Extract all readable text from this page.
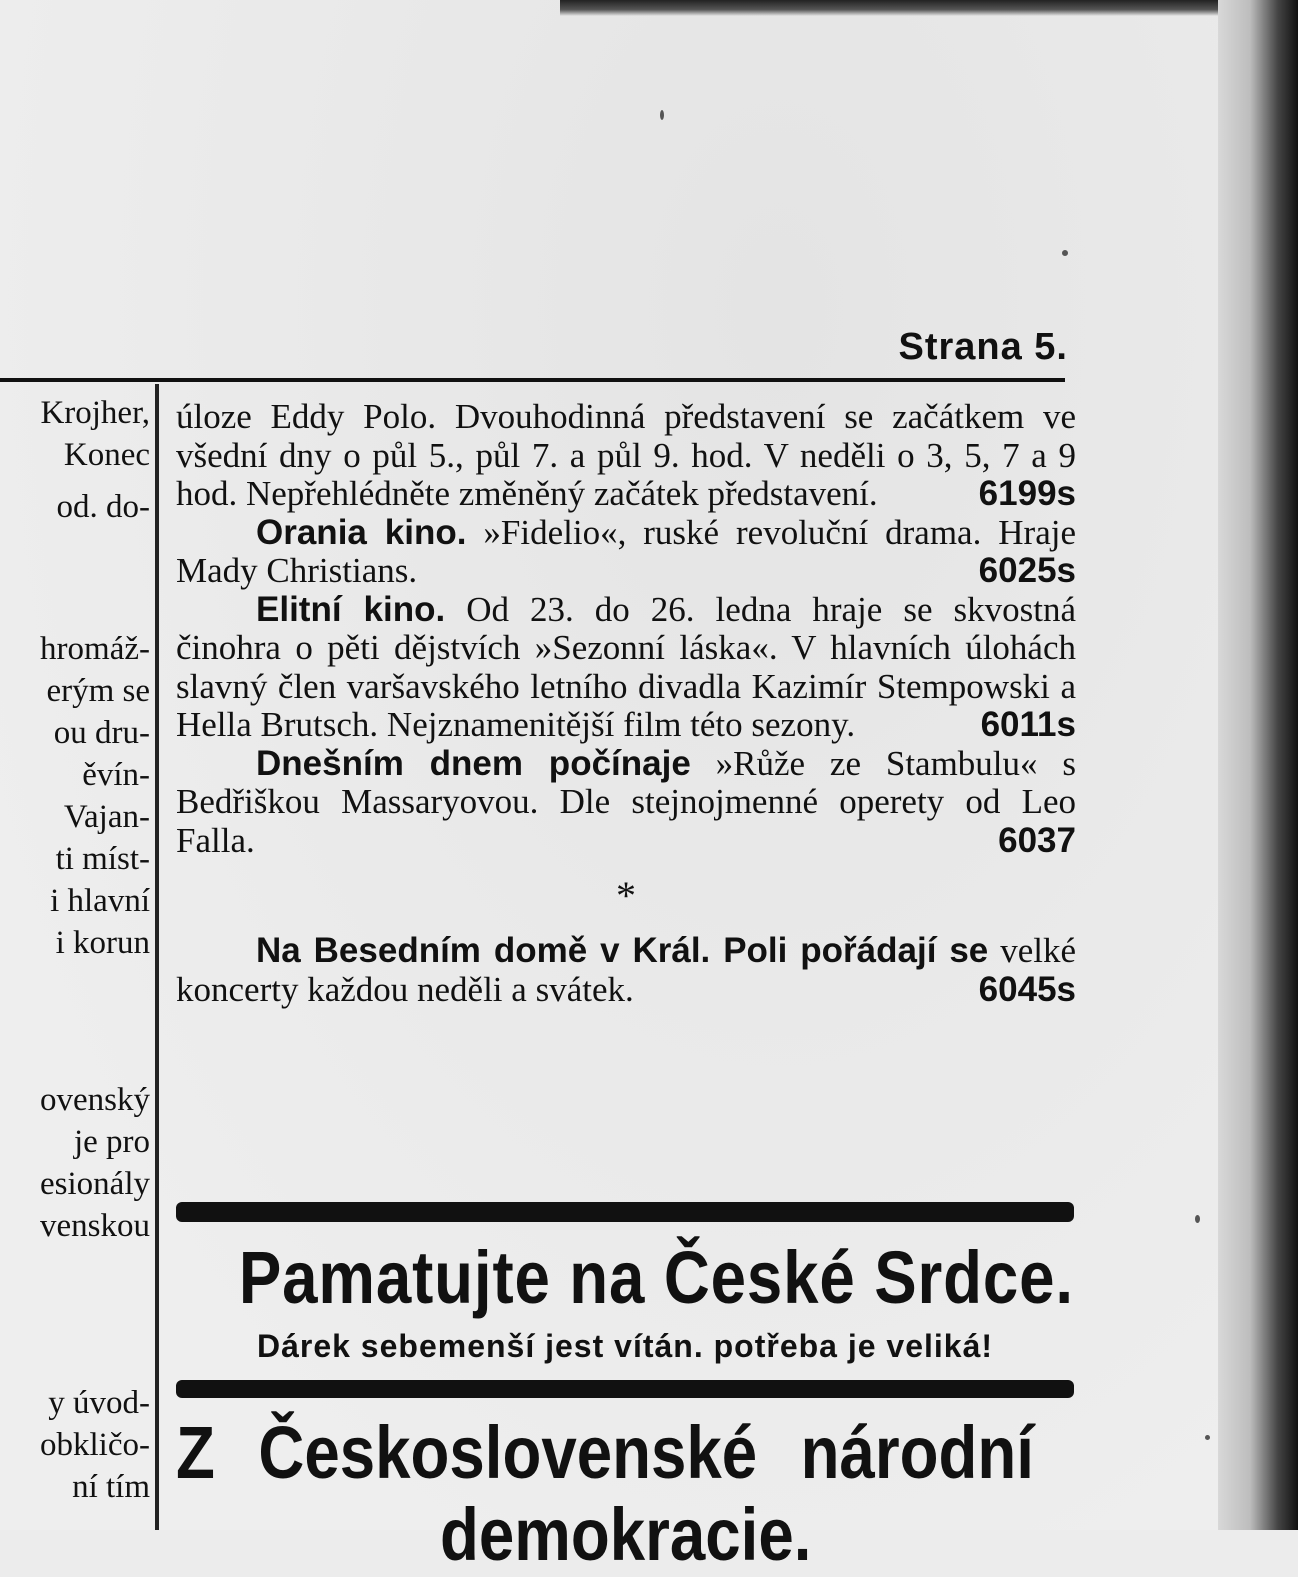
Strana 5.
Krojher,
Konec
od. do-
hromáž-
erým se
ou dru-
ěvín-
Vajan-
ti míst-
i hlavní
i korun
ovenský
je pro
esionály
venskou
y úvod-
obkličo-
ní tím

úloze Eddy Polo. Dvouhodinná představení se začátkem ve všední dny o půl 5., půl 7. a půl 9. hod. V neděli o 3, 5, 7 a 9 hod. Nepřehlédněte změněný začátek představení.	6199s

Orania kino. »Fidelio«, ruské revoluční drama. Hraje Mady Christians.	6025s

Elitní kino. Od 23. do 26. ledna hraje se skvostná činohra o pěti dějstvích »Sezonní láska«. V hlavních úlohách slavný člen varšavského letního divadla Kazimír Stempowski a Hella Brutsch. Nejznamenitější film této sezony.	6011s

Dnešním dnem počínaje »Růže ze Stambulu« s Bedřiškou Massaryovou. Dle stejnojmenné operety od Leo Falla.	6037

*

Na Besedním domě v Král. Poli pořádají se velké koncerty každou neděli a svátek.	6045s

Pamatujte na České Srdce.
Dárek sebemenší jest vítán. potřeba je veliká!
Z Československé národní
demokracie.
